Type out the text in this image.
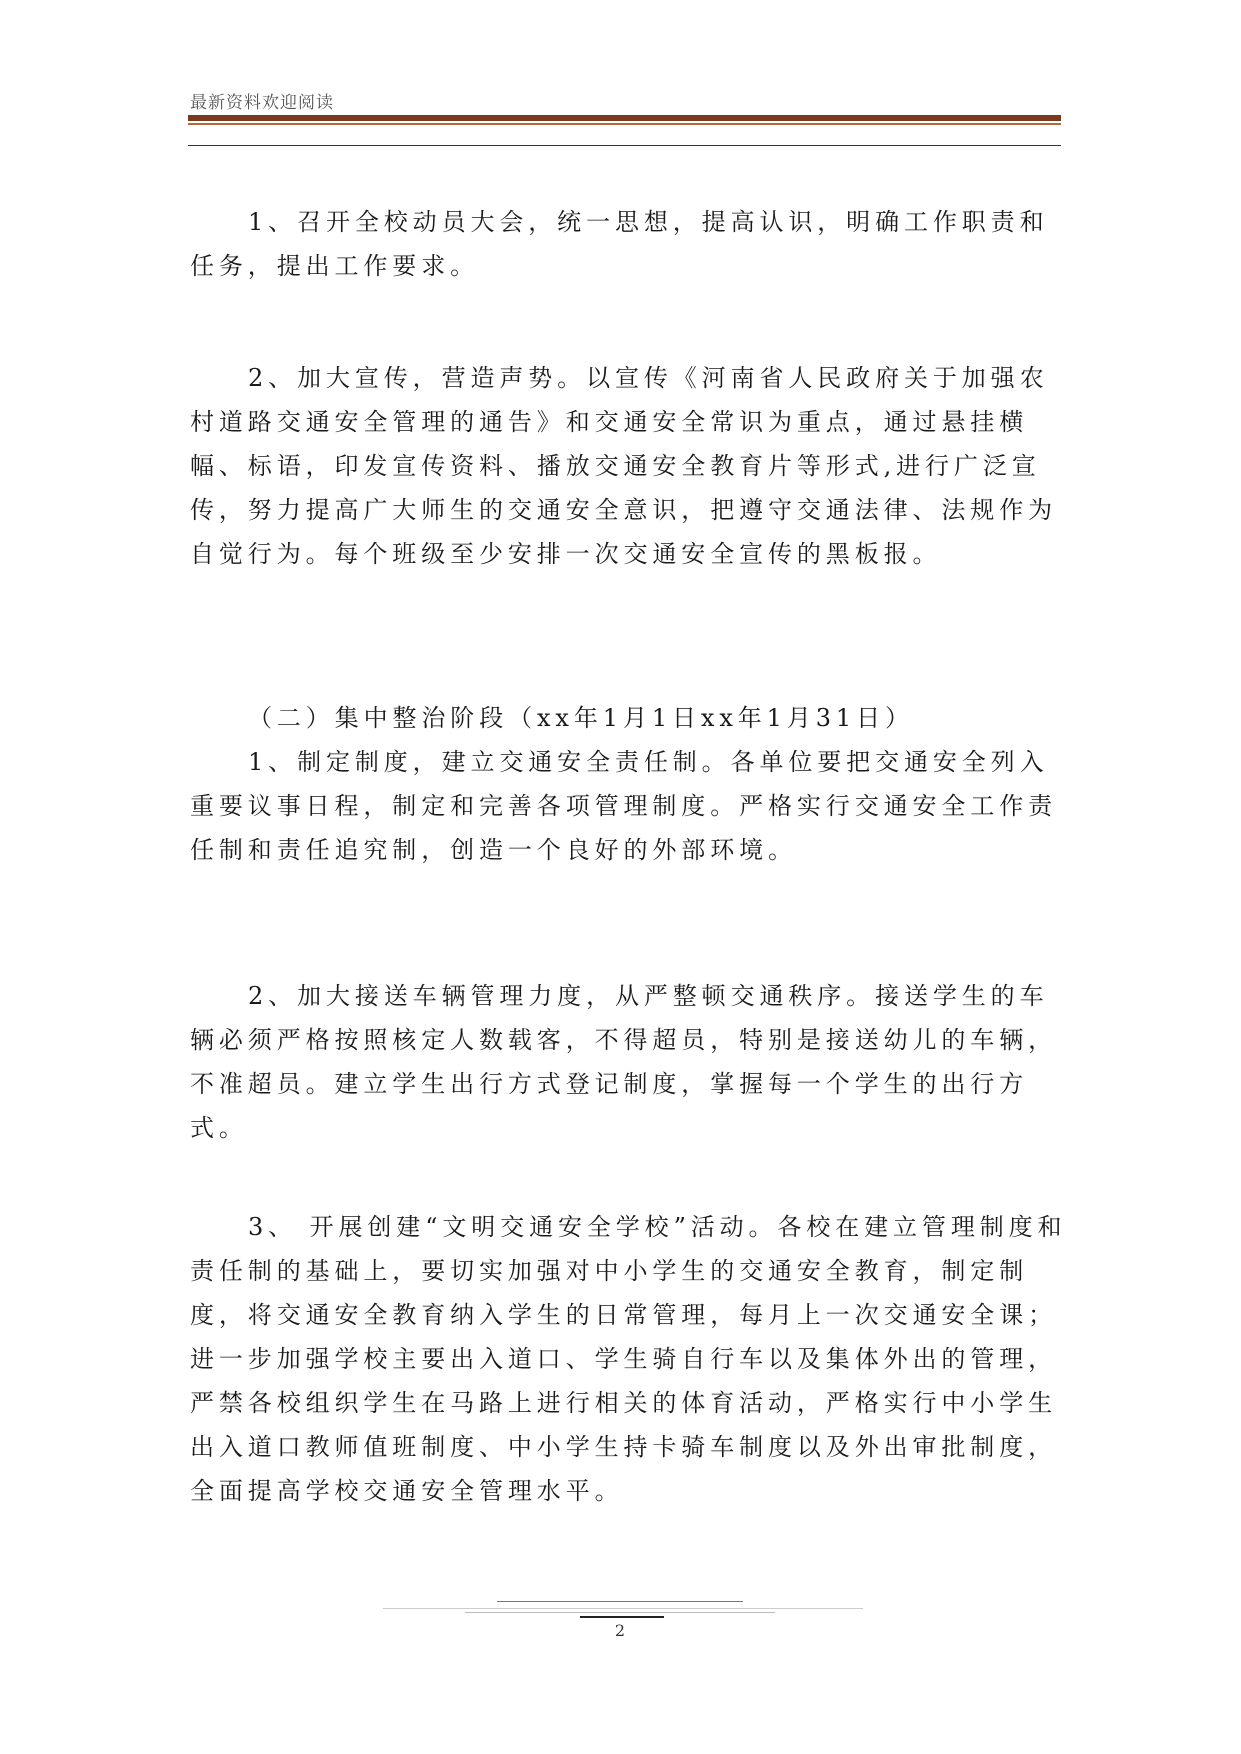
最新资料欢迎阅读

1、召开全校动员大会，统一思想，提高认识，明确工作职责和任务，提出工作要求。

2、加大宣传，营造声势。以宣传《河南省人民政府关于加强农村道路交通安全管理的通告》和交通安全常识为重点，通过悬挂横幅、标语，印发宣传资料、播放交通安全教育片等形式,进行广泛宣传，努力提高广大师生的交通安全意识，把遵守交通法律、法规作为自觉行为。每个班级至少安排一次交通安全宣传的黑板报。

（二）集中整治阶段（xx年1月1日xx年1月31日）

1、制定制度，建立交通安全责任制。各单位要把交通安全列入重要议事日程，制定和完善各项管理制度。严格实行交通安全工作责任制和责任追究制，创造一个良好的外部环境。

2、加大接送车辆管理力度，从严整顿交通秩序。接送学生的车辆必须严格按照核定人数载客，不得超员，特别是接送幼儿的车辆，不准超员。建立学生出行方式登记制度，掌握每一个学生的出行方式。

3、 开展创建“文明交通安全学校”活动。各校在建立管理制度和责任制的基础上，要切实加强对中小学生的交通安全教育，制定制度，将交通安全教育纳入学生的日常管理，每月上一次交通安全课；进一步加强学校主要出入道口、学生骑自行车以及集体外出的管理，严禁各校组织学生在马路上进行相关的体育活动，严格实行中小学生出入道口教师值班制度、中小学生持卡骑车制度以及外出审批制度，全面提高学校交通安全管理水平。

2
